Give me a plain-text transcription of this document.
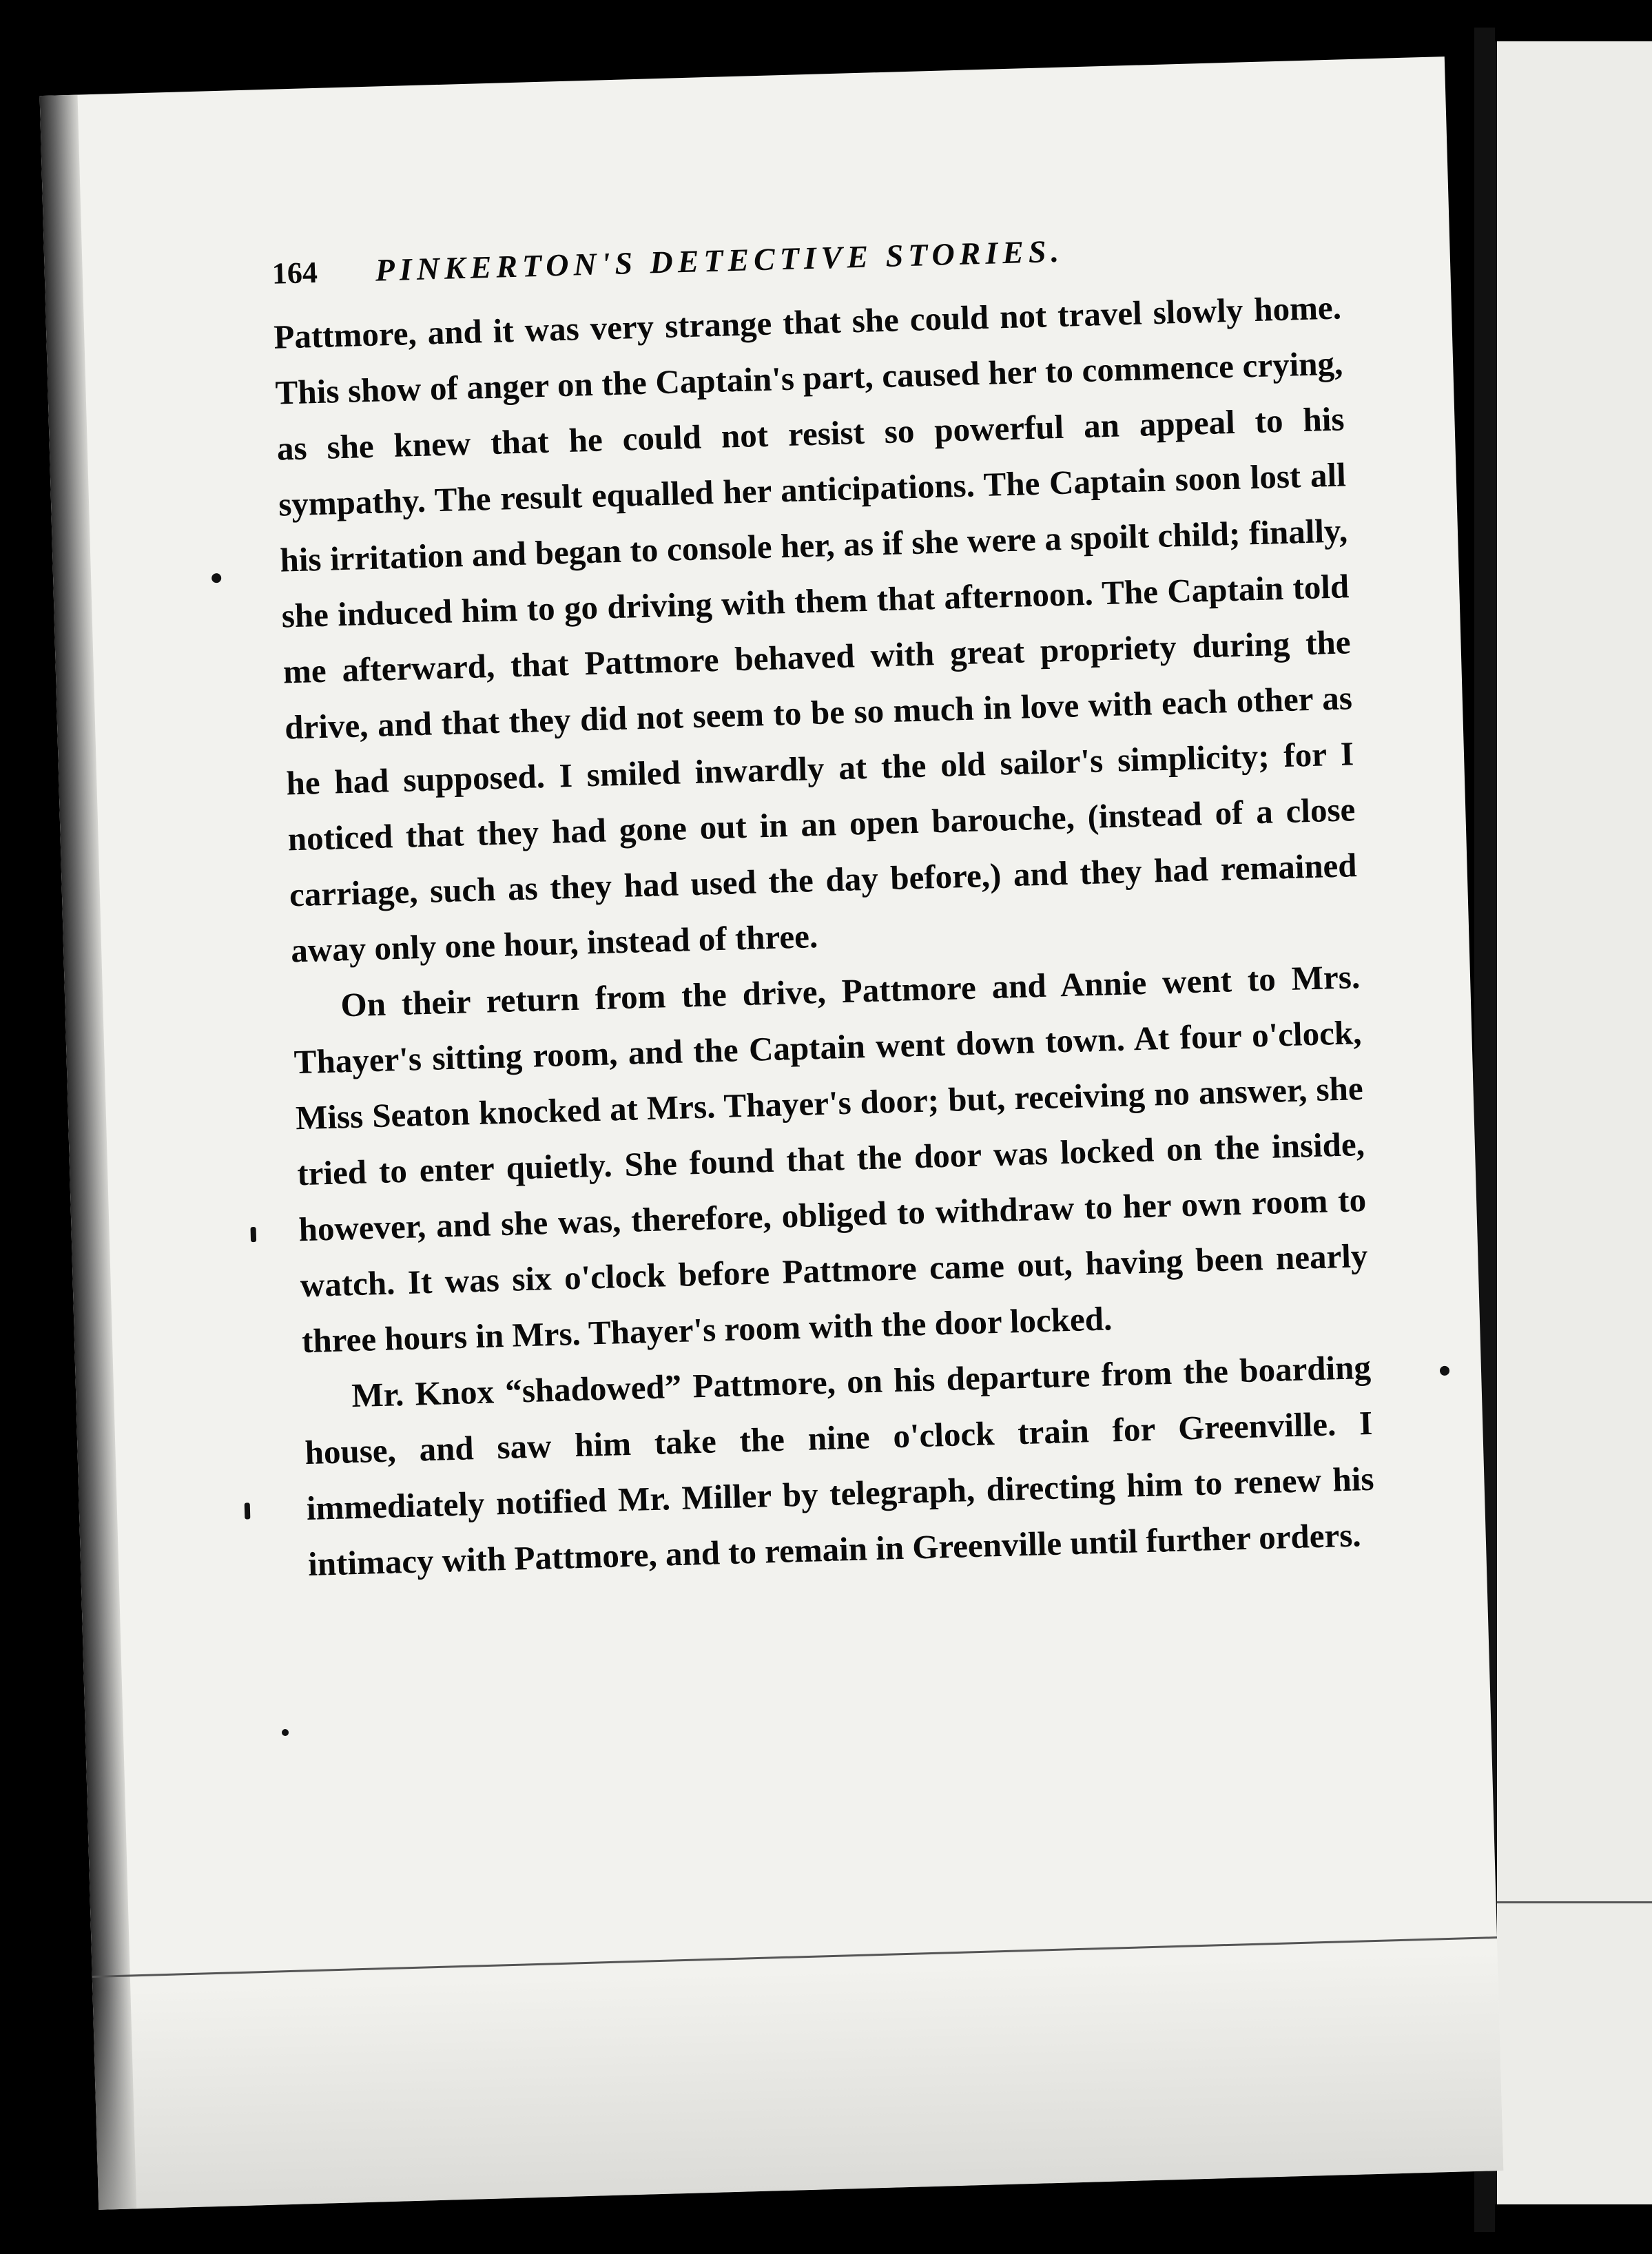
164	PINKERTON'S DETECTIVE STORIES.

Pattmore, and it was very strange that she could not travel slowly home. This show of anger on the Captain's part, caused her to commence crying, as she knew that he could not resist so powerful an appeal to his sympathy. The result equalled her anticipations. The Captain soon lost all his irritation and began to console her, as if she were a spoilt child; finally, she induced him to go driving with them that afternoon. The Captain told me afterward, that Pattmore behaved with great propriety during the drive, and that they did not seem to be so much in love with each other as he had supposed. I smiled inwardly at the old sailor's simplicity; for I noticed that they had gone out in an open barouche, (instead of a close carriage, such as they had used the day before,) and they had remained away only one hour, instead of three.

On their return from the drive, Pattmore and Annie went to Mrs. Thayer's sitting room, and the Captain went down town. At four o'clock, Miss Seaton knocked at Mrs. Thayer's door; but, receiving no answer, she tried to enter quietly. She found that the door was locked on the inside, however, and she was, therefore, obliged to withdraw to her own room to watch. It was six o'clock before Pattmore came out, having been nearly three hours in Mrs. Thayer's room with the door locked.

Mr. Knox “shadowed” Pattmore, on his departure from the boarding house, and saw him take the nine o'clock train for Greenville. I immediately notified Mr. Miller by telegraph, directing him to renew his intimacy with Pattmore, and to remain in Greenville until further orders.
